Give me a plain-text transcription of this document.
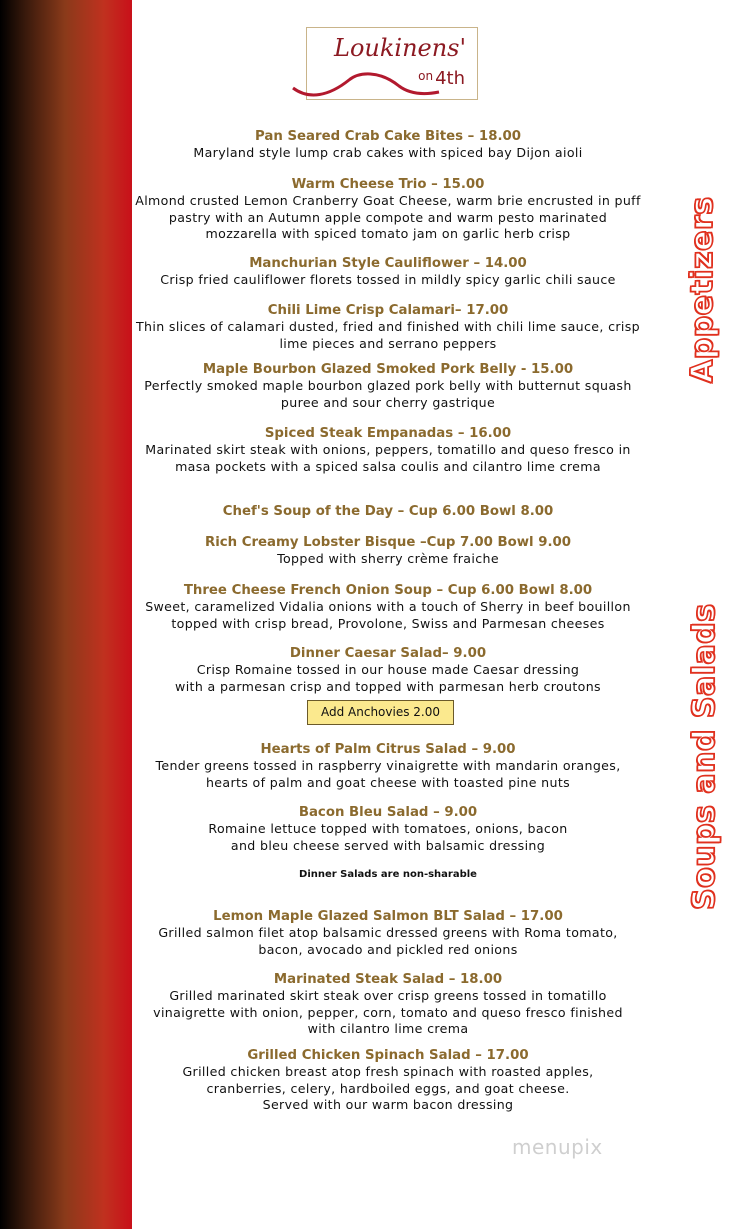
Loukinens'
$^{on}$ 4th
Pan Seared Crab Cake Bites – 18.00
Maryland style lump crab cakes with spiced bay Dijon aioli
Warm Cheese Trio – 15.00
Almond crusted Lemon Cranberry Goat Cheese, warm brie encrusted in puff
pastry with an Autumn apple compote and warm pesto marinated
mozzarella with spiced tomato jam on garlic herb crisp
Manchurian Style Cauliflower – 14.00
Crisp fried cauliflower florets tossed in mildly spicy garlic chili sauce
Chili Lime Crisp Calamari– 17.00
Thin slices of calamari dusted, fried and finished with chili lime sauce, crisp
lime pieces and serrano peppers
Maple Bourbon Glazed Smoked Pork Belly - 15.00
Perfectly smoked maple bourbon glazed pork belly with butternut squash
puree and sour cherry gastrique
Spiced Steak Empanadas – 16.00
Marinated skirt steak with onions, peppers, tomatillo and queso fresco in
masa pockets with a spiced salsa coulis and cilantro lime crema
Chef's Soup of the Day – Cup 6.00 Bowl 8.00
Rich Creamy Lobster Bisque –Cup 7.00 Bowl 9.00
Topped with sherry crème fraiche
Three Cheese French Onion Soup – Cup 6.00 Bowl 8.00
Sweet, caramelized Vidalia onions with a touch of Sherry in beef bouillon
topped with crisp bread, Provolone, Swiss and Parmesan cheeses
Dinner Caesar Salad– 9.00
Crisp Romaine tossed in our house made Caesar dressing
with a parmesan crisp and topped with parmesan herb croutons
Hearts of Palm Citrus Salad – 9.00
Tender greens tossed in raspberry vinaigrette with mandarin oranges,
hearts of palm and goat cheese with toasted pine nuts
Bacon Bleu Salad – 9.00
Romaine lettuce topped with tomatoes, onions, bacon
and bleu cheese served with balsamic dressing
Dinner Salads are non-sharable
Lemon Maple Glazed Salmon BLT Salad – 17.00
Grilled salmon filet atop balsamic dressed greens with Roma tomato,
bacon, avocado and pickled red onions
Marinated Steak Salad – 18.00
Grilled marinated skirt steak over crisp greens tossed in tomatillo
vinaigrette with onion, pepper, corn, tomato and queso fresco finished
with cilantro lime crema
Grilled Chicken Spinach Salad – 17.00
Grilled chicken breast atop fresh spinach with roasted apples,
cranberries, celery, hardboiled eggs, and goat cheese.
Served with our warm bacon dressing
Add Anchovies 2.00
Appetizers
Soups and Salads
menupix
